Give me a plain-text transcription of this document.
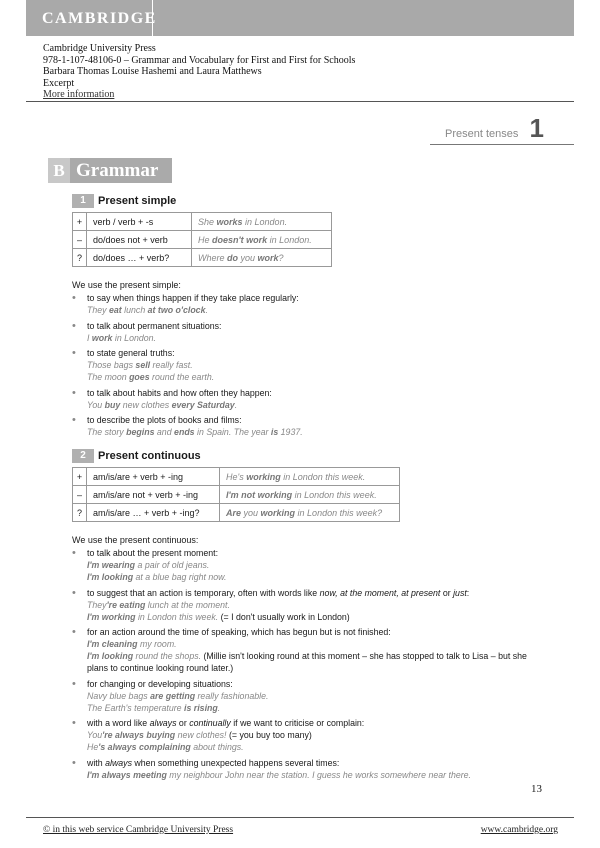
CAMBRIDGE
Cambridge University Press
978-1-107-48106-0 – Grammar and Vocabulary for First and First for Schools
Barbara Thomas Louise Hashemi and Laura Matthews
Excerpt
More information
Present tenses 1
B Grammar
1 Present simple
+	verb / verb + -s	She works in London.
–	do/does not + verb	He doesn't work in London.
?	do/does … + verb?	Where do you work?
We use the present simple:
• to say when things happen if they take place regularly:
They eat lunch at two o'clock.
• to talk about permanent situations:
I work in London.
• to state general truths:
Those bags sell really fast.
The moon goes round the earth.
• to talk about habits and how often they happen:
You buy new clothes every Saturday.
• to describe the plots of books and films:
The story begins and ends in Spain. The year is 1937.
2 Present continuous
+	am/is/are + verb + -ing	He's working in London this week.
–	am/is/are not + verb + -ing	I'm not working in London this week.
?	am/is/are … + verb + -ing?	Are you working in London this week?
We use the present continuous:
• to talk about the present moment:
I'm wearing a pair of old jeans.
I'm looking at a blue bag right now.
• to suggest that an action is temporary, often with words like now, at the moment, at present or just:
They're eating lunch at the moment.
I'm working in London this week. (= I don't usually work in London)
• for an action around the time of speaking, which has begun but is not finished:
I'm cleaning my room.
I'm looking round the shops. (Millie isn't looking round at this moment – she has stopped to talk to Lisa – but she plans to continue looking round later.)
• for changing or developing situations:
Navy blue bags are getting really fashionable.
The Earth's temperature is rising.
• with a word like always or continually if we want to criticise or complain:
You're always buying new clothes! (= you buy too many)
He's always complaining about things.
• with always when something unexpected happens several times:
I'm always meeting my neighbour John near the station. I guess he works somewhere near there.
13
© in this web service Cambridge University Press	www.cambridge.org
